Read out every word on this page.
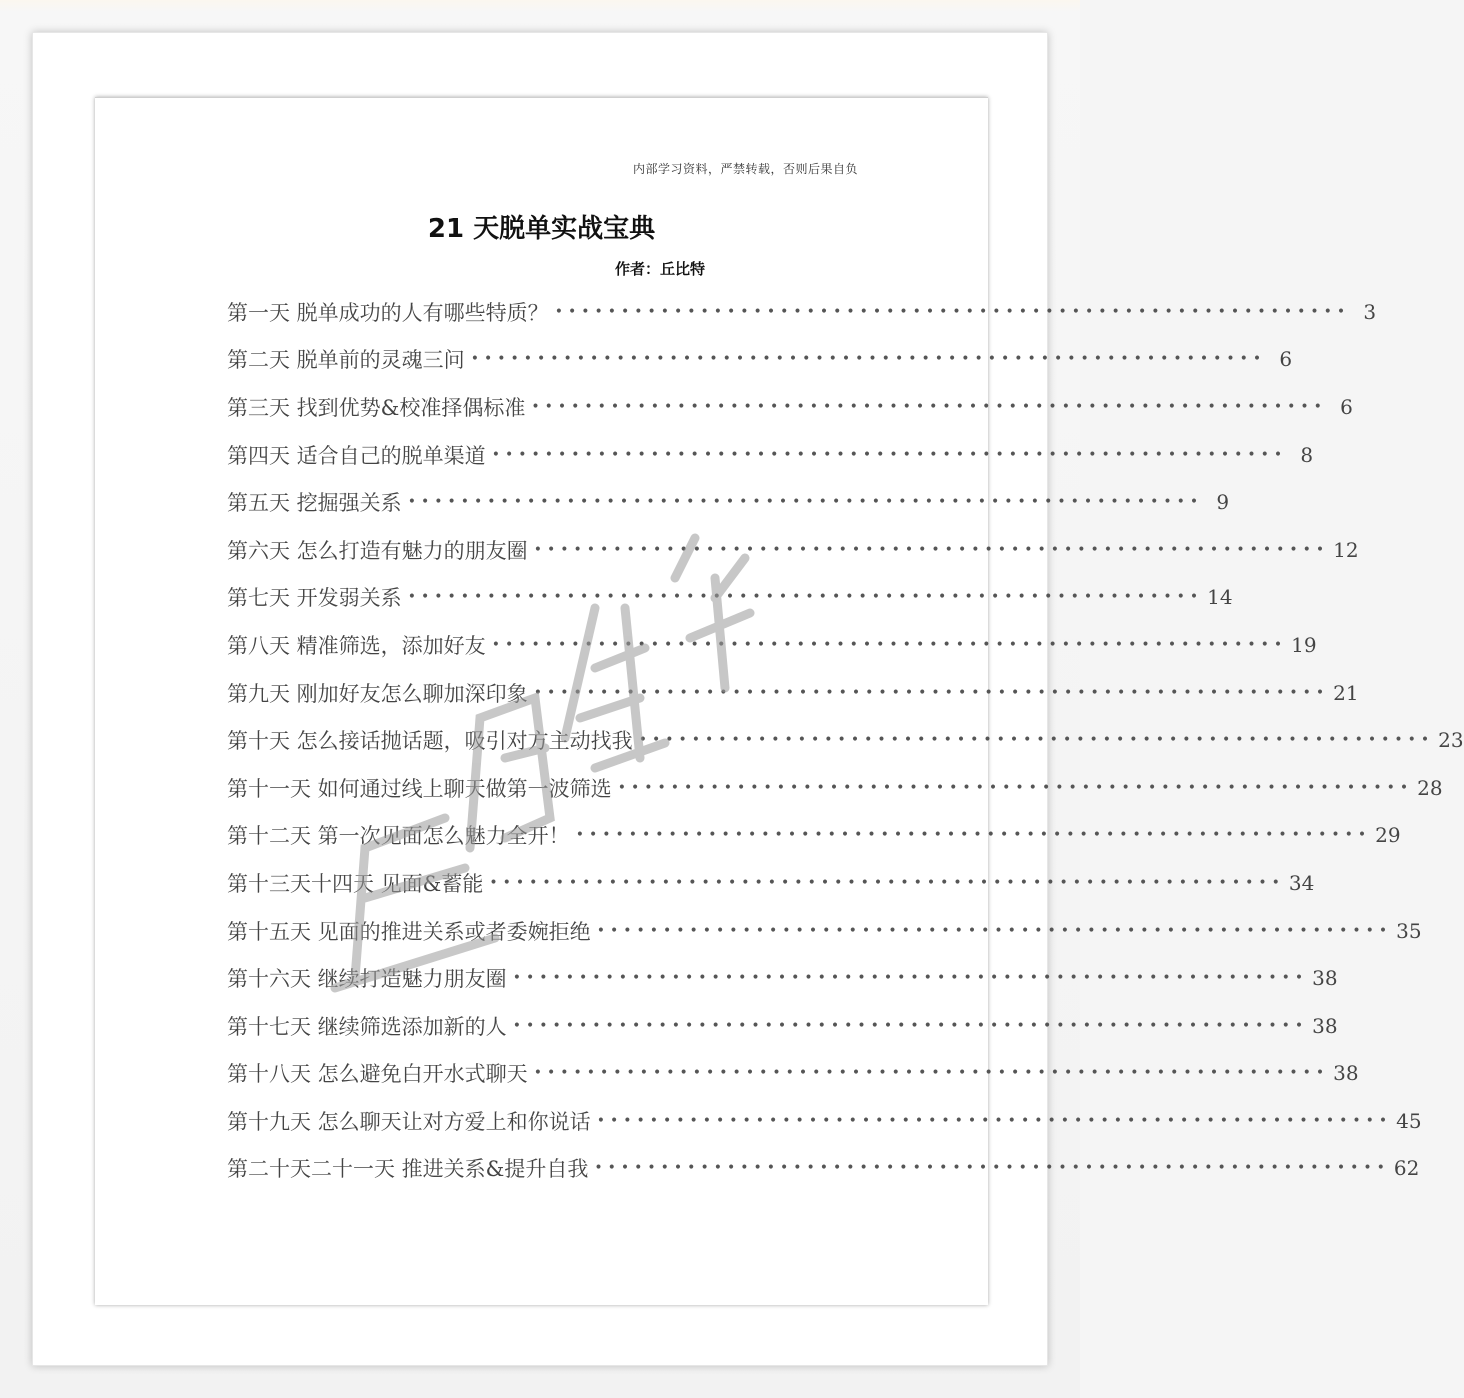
内部学习资料，严禁转载，否则后果自负
21 天脱单实战宝典
作者：丘比特
第一天 脱单成功的人有哪些特质？ •••••••••••••••••••••••••••••••••••••••••••••••••••••••••••• 3
第二天 脱单前的灵魂三问 •••••••••••••••••••••••••••••••••••••••••••••••••••••••••••• 6
第三天 找到优势&校准择偶标准 •••••••••••••••••••••••••••••••••••••••••••••••••••••••••••• 6
第四天 适合自己的脱单渠道 •••••••••••••••••••••••••••••••••••••••••••••••••••••••••••• 8
第五天 挖掘强关系 •••••••••••••••••••••••••••••••••••••••••••••••••••••••••••• 9
第六天 怎么打造有魅力的朋友圈 •••••••••••••••••••••••••••••••••••••••••••••••••••••••••••• 12
第七天 开发弱关系 •••••••••••••••••••••••••••••••••••••••••••••••••••••••••••• 14
第八天 精准筛选，添加好友 •••••••••••••••••••••••••••••••••••••••••••••••••••••••••••• 19
第九天 刚加好友怎么聊加深印象 •••••••••••••••••••••••••••••••••••••••••••••••••••••••••••• 21
第十天 怎么接话抛话题，吸引对方主动找我 •••••••••••••••••••••••••••••••••••••••••••••••••••••••••••• 23
第十一天 如何通过线上聊天做第一波筛选 •••••••••••••••••••••••••••••••••••••••••••••••••••••••••••• 28
第十二天 第一次见面怎么魅力全开！ •••••••••••••••••••••••••••••••••••••••••••••••••••••••••••• 29
第十三天十四天 见面&蓄能 •••••••••••••••••••••••••••••••••••••••••••••••••••••••••••• 34
第十五天 见面的推进关系或者委婉拒绝 •••••••••••••••••••••••••••••••••••••••••••••••••••••••••••• 35
第十六天 继续打造魅力朋友圈 •••••••••••••••••••••••••••••••••••••••••••••••••••••••••••• 38
第十七天 继续筛选添加新的人 •••••••••••••••••••••••••••••••••••••••••••••••••••••••••••• 38
第十八天 怎么避免白开水式聊天 •••••••••••••••••••••••••••••••••••••••••••••••••••••••••••• 38
第十九天 怎么聊天让对方爱上和你说话 •••••••••••••••••••••••••••••••••••••••••••••••••••••••••••• 45
第二十天二十一天 推进关系&提升自我 •••••••••••••••••••••••••••••••••••••••••••••••••••••••••••• 62
